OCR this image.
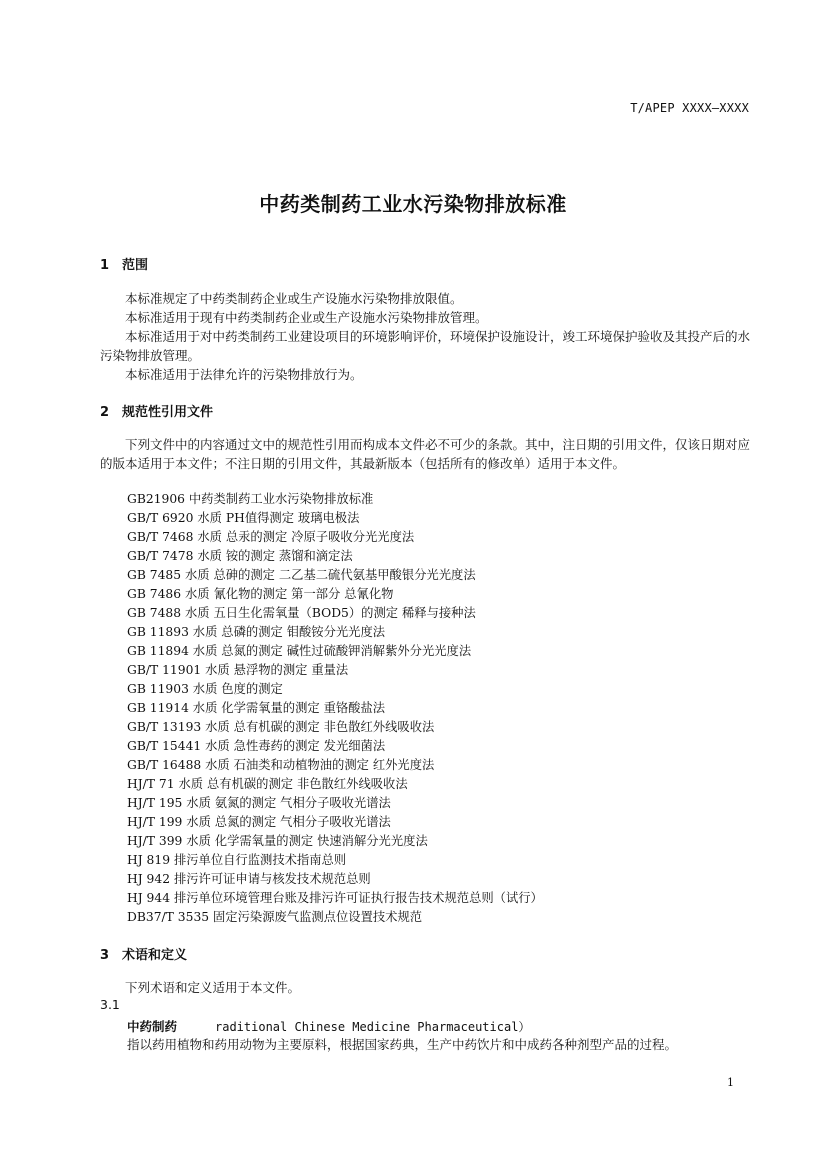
T/APEP XXXX—XXXX
中药类制药工业水污染物排放标准
1 范围
本标准规定了中药类制药企业或生产设施水污染物排放限值。
本标准适用于现有中药类制药企业或生产设施水污染物排放管理。
本标准适用于对中药类制药工业建设项目的环境影响评价，环境保护设施设计，竣工环境保护验收及其投产后的水污染物排放管理。
本标准适用于法律允许的污染物排放行为。
2 规范性引用文件
下列文件中的内容通过文中的规范性引用而构成本文件必不可少的条款。其中，注日期的引用文件，仅该日期对应的版本适用于本文件；不注日期的引用文件，其最新版本（包括所有的修改单）适用于本文件。
GB21906 中药类制药工业水污染物排放标准
GB/T 6920 水质 PH值得测定 玻璃电极法
GB/T 7468 水质 总汞的测定 冷原子吸收分光光度法
GB/T 7478 水质 铵的测定 蒸馏和滴定法
GB 7485 水质 总砷的测定 二乙基二硫代氨基甲酸银分光光度法
GB 7486 水质 氰化物的测定 第一部分 总氰化物
GB 7488 水质 五日生化需氧量（BOD5）的测定 稀释与接种法
GB 11893 水质 总磷的测定 钼酸铵分光光度法
GB 11894 水质 总氮的测定 碱性过硫酸钾消解紫外分光光度法
GB/T 11901 水质 悬浮物的测定 重量法
GB 11903 水质 色度的测定
GB 11914 水质 化学需氧量的测定 重铬酸盐法
GB/T 13193 水质 总有机碳的测定 非色散红外线吸收法
GB/T 15441 水质 急性毒药的测定 发光细菌法
GB/T 16488 水质 石油类和动植物油的测定 红外光度法
HJ/T 71 水质 总有机碳的测定 非色散红外线吸收法
HJ/T 195 水质 氨氮的测定 气相分子吸收光谱法
HJ/T 199 水质 总氮的测定 气相分子吸收光谱法
HJ/T 399 水质 化学需氧量的测定 快速消解分光光度法
HJ 819 排污单位自行监测技术指南总则
HJ 942 排污许可证申请与核发技术规范总则
HJ 944 排污单位环境管理台账及排污许可证执行报告技术规范总则（试行）
DB37/T 3535 固定污染源废气监测点位设置技术规范
3 术语和定义
下列术语和定义适用于本文件。
3.1
中药制药	raditional Chinese Medicine Pharmaceutical）
指以药用植物和药用动物为主要原料，根据国家药典，生产中药饮片和中成药各种剂型产品的过程。
1
